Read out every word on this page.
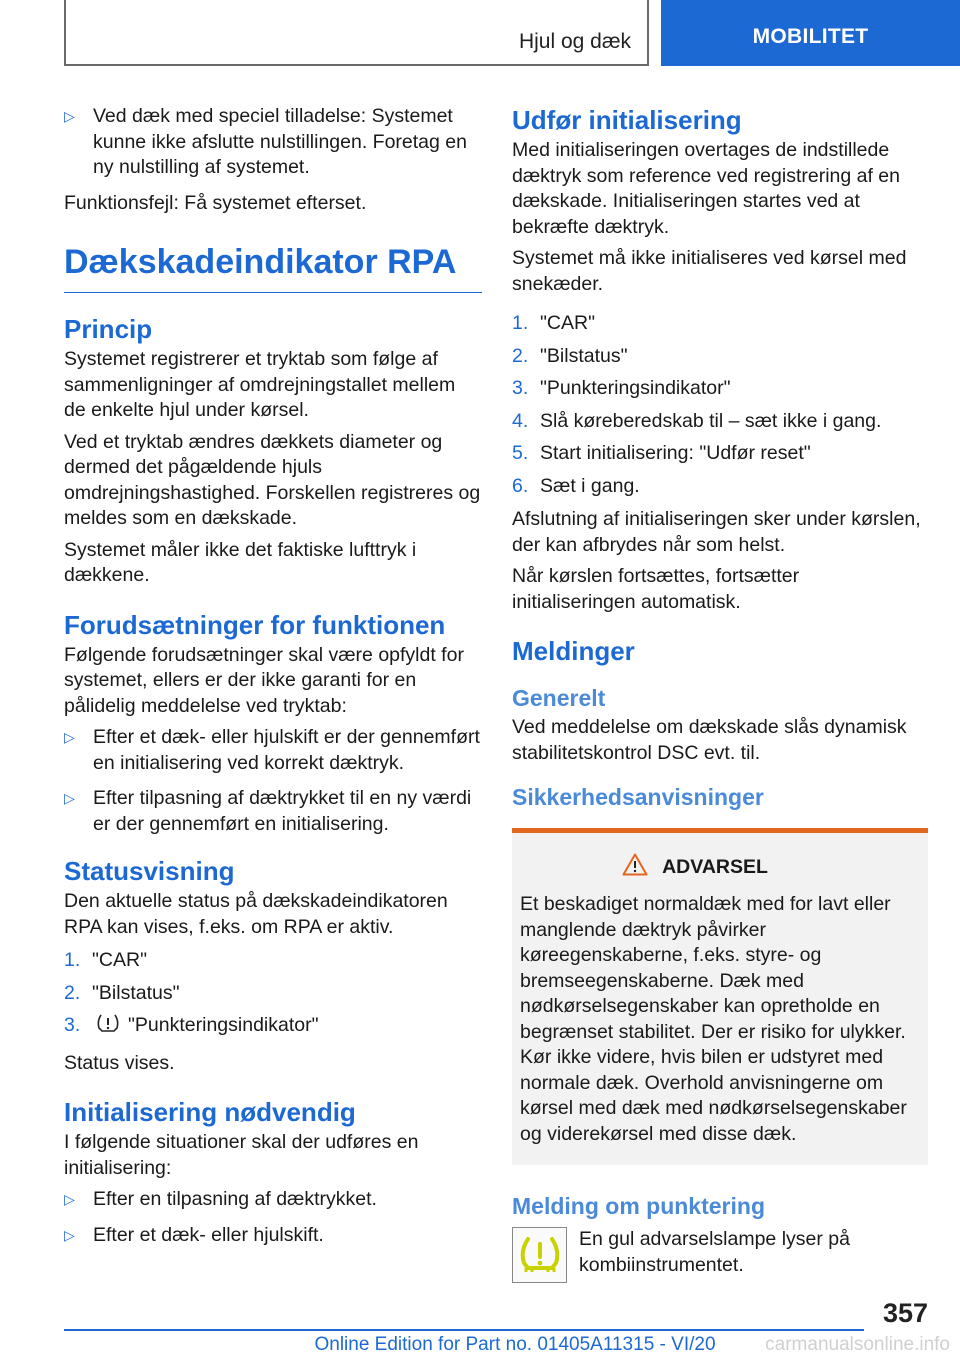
Hjul og dæk	MOBILITET
▷ Ved dæk med speciel tilladelse: Systemet kunne ikke afslutte nulstillingen. Foretag en ny nulstilling af systemet.

Funktionsfejl: Få systemet efterset.

Dækskadeindikator RPA
Princip

Systemet registrerer et tryktab som følge af sammenligninger af omdrejningstallet mellem de enkelte hjul under kørsel.

Ved et tryktab ændres dækkets diameter og dermed det pågældende hjuls omdrejningshastighed. Forskellen registreres og meldes som en dækskade.

Systemet måler ikke det faktiske lufttryk i dækkene.

Forudsætninger for funktionen

Følgende forudsætninger skal være opfyldt for systemet, ellers er der ikke garanti for en pålidelig meddelelse ved tryktab:

▷ Efter et dæk- eller hjulskift er der gennemført en initialisering ved korrekt dæktryk.
▷ Efter tilpasning af dæktrykket til en ny værdi er der gennemført en initialisering.
Statusvisning

Den aktuelle status på dækskadeindikatoren RPA kan vises, f.eks. om RPA er aktiv.

1. "CAR"
2. "Bilstatus"
3. "Punkteringsindikator"

Status vises.

Initialisering nødvendig

I følgende situationer skal der udføres en initialisering:

▷ Efter en tilpasning af dæktrykket.
▷ Efter et dæk- eller hjulskift.
Udfør initialisering

Med initialiseringen overtages de indstillede dæktryk som reference ved registrering af en dækskade. Initialiseringen startes ved at bekræfte dæktryk.

Systemet må ikke initialiseres ved kørsel med snekæder.

1. "CAR"
2. "Bilstatus"
3. "Punkteringsindikator"
4. Slå køreberedskab til – sæt ikke i gang.
5. Start initialisering: "Udfør reset"
6. Sæt i gang.

Afslutning af initialiseringen sker under kørslen, der kan afbrydes når som helst.

Når kørslen fortsættes, fortsætter initialiseringen automatisk.

Meldinger
Generelt

Ved meddelelse om dækskade slås dynamisk stabilitetskontrol DSC evt. til.

Sikkerhedsanvisninger
ADVARSEL

Et beskadiget normaldæk med for lavt eller manglende dæktryk påvirker køreegenskaberne, f.eks. styre- og bremseegenskaberne. Dæk med nødkørselsegenskaber kan opretholde en begrænset stabilitet. Der er risiko for ulykker. Kør ikke videre, hvis bilen er udstyret med normale dæk. Overhold anvisningerne om kørsel med dæk med nødkørselsegenskaber og viderekørsel med disse dæk.

Melding om punktering

En gul advarselslampe lyser på kombiinstrumentet.

357
Online Edition for Part no. 01405A11315 - VI/20	carmanualsonline.info
